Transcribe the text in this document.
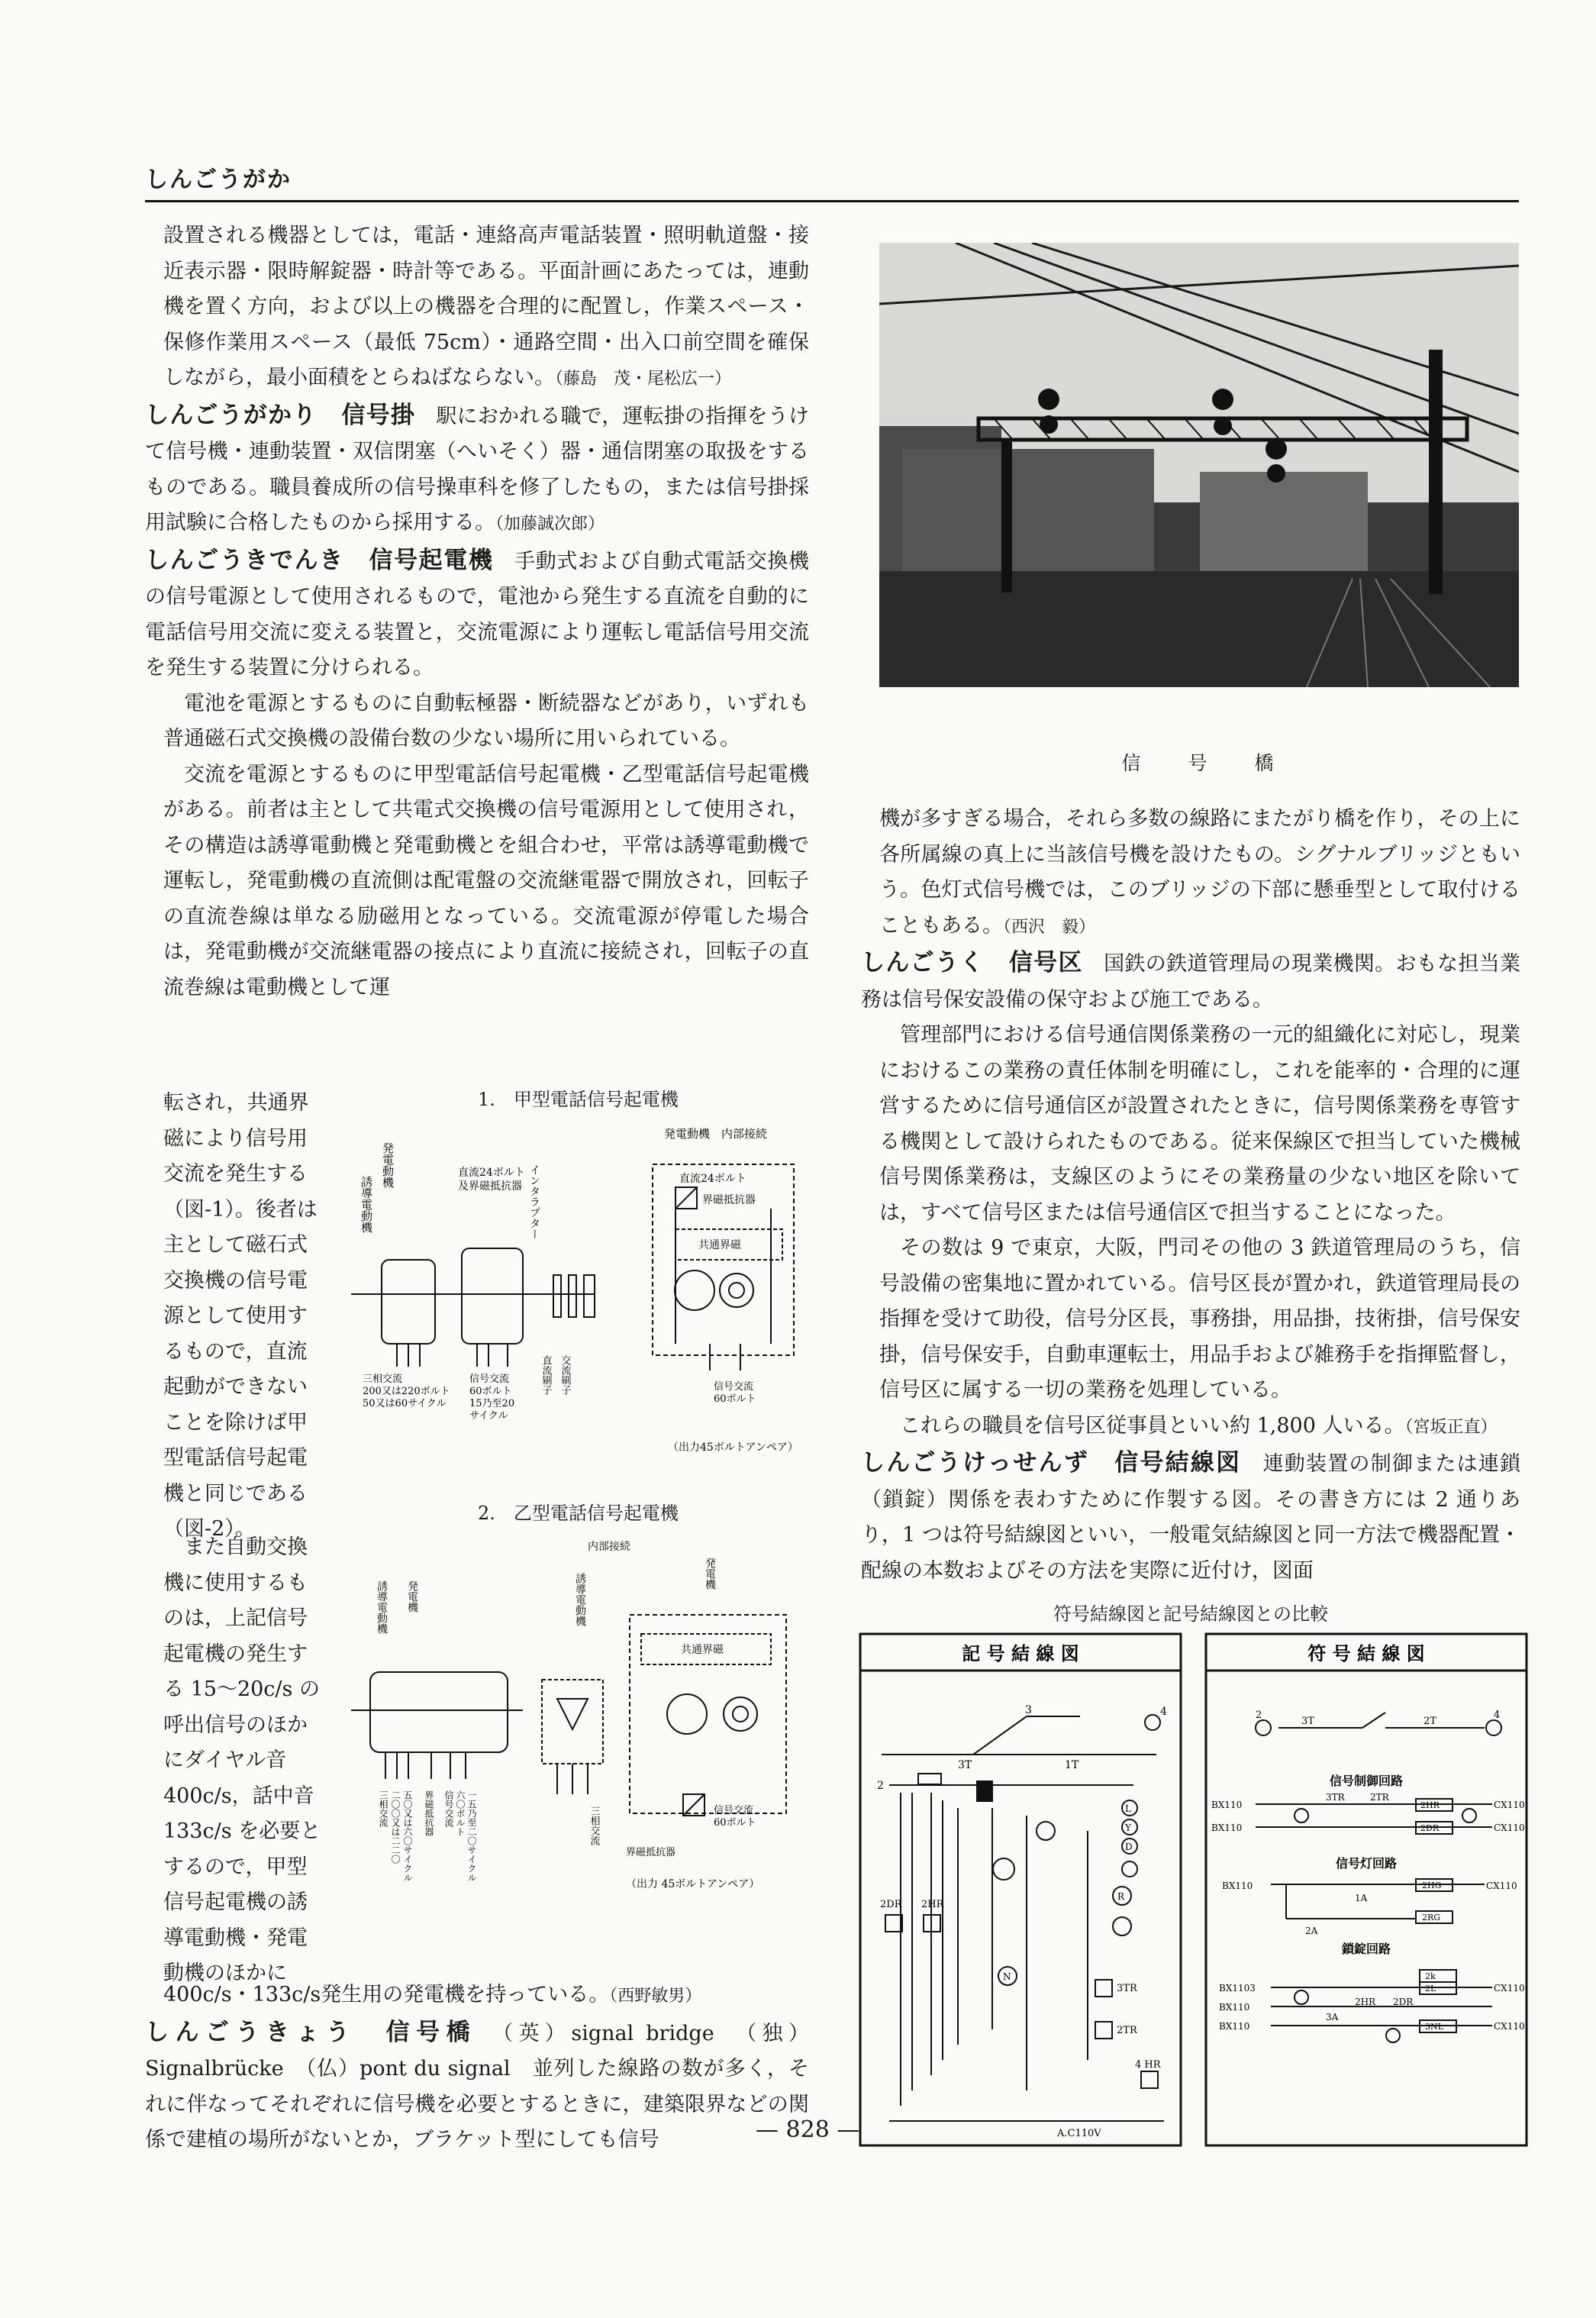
しんごうがか

設置される機器としては，電話・連絡高声電話装置・照明軌道盤・接近表示器・限時解錠器・時計等である。平面計画にあたっては，連動機を置く方向，および以上の機器を合理的に配置し，作業スペース・保修作業用スペース（最低 75cm）・通路空間・出入口前空間を確保しながら，最小面積をとらねばならない。（藤島　茂・尾松広一）

しんごうがかり　信号掛　 駅におかれる職で，運転掛の指揮をうけて信号機・連動装置・双信閉塞（へいそく）器・通信閉塞の取扱をするものである。職員養成所の信号操車科を修了したもの，または信号掛採用試験に合格したものから採用する。（加藤誠次郎）

しんごうきでんき　信号起電機　 手動式および自動式電話交換機の信号電源として使用されるもので，電池から発生する直流を自動的に電話信号用交流に変える装置と，交流電源により運転し電話信号用交流を発生する装置に分けられる。

電池を電源とするものに自動転極器・断続器などがあり，いずれも普通磁石式交換機の設備台数の少ない場所に用いられている。

交流を電源とするものに甲型電話信号起電機・乙型電話信号起電機がある。前者は主として共電式交換機の信号電源用として使用され，その構造は誘導電動機と発電動機とを組合わせ，平常は誘導電動機で運転し，発電動機の直流側は配電盤の交流継電器で開放され，回転子の直流巻線は単なる励磁用となっている。交流電源が停電した場合は，発電動機が交流継電器の接点により直流に接続され，回転子の直流巻線は電動機として運

転され，共通界
磁により信号用
交流を発生する
（図-1）。後者は
主として磁石式
交換機の信号電
源として使用す
るもので，直流
起動ができない
ことを除けば甲
型電話信号起電
機と同じである
（図-2）。
また自動交換
機に使用するも
のは，上記信号
起電機の発生す
る 15～20c/s の
呼出信号のほか
にダイヤル音
400c/s，話中音
133c/s を必要と
するので，甲型
信号起電機の誘
導電動機・発電
動機のほかに

400c/s・133c/s発生用の発電機を持っている。（西野敏男）

しんごうきょう　信号橋　 （英）signal bridge　（独）Signalbrücke　（仏）pont du signal　並列した線路の数が多く，それに伴なってそれぞれに信号機を必要とするときに，建築限界などの関係で建植の場所がないとか，ブラケット型にしても信号

1.　甲型電話信号起電機
発電動機
誘導電動機
発電動機　内部接続
直流24ボルト
及界磁抵抗器
直流24ボルト
界磁抵抗器
共通界磁
インタラプター
三相交流
200又は220ボルト
50又は60サイクル
信号交流
60ボルト
15乃至20
サイクル
直流刷子 交流刷子	信号交流
60ボルト
（出力45ボルトアンペア）
2.　乙型電話信号起電機
内部接続
誘導電動機 発電機	誘導電動機	発電機
共通界磁
三相交流 二〇〇又は二二〇 五〇又は六〇サイクル 界磁抵抗器 信号交流 六〇ボルト 一五乃至二〇サイクル	三相交流
界磁抵抗器
信号交流
60ボルト
（出力 45ボルトアンペア）
信　　号　　橋

機が多すぎる場合，それら多数の線路にまたがり橋を作り，その上に各所属線の真上に当該信号機を設けたもの。シグナルブリッジともいう。色灯式信号機では，このブリッジの下部に懸垂型として取付けることもある。（西沢　毅）

しんごうく　信号区　 国鉄の鉄道管理局の現業機関。おもな担当業務は信号保安設備の保守および施工である。

管理部門における信号通信関係業務の一元的組織化に対応し，現業におけるこの業務の責任体制を明確にし，これを能率的・合理的に運営するために信号通信区が設置されたときに，信号関係業務を専管する機関として設けられたものである。従来保線区で担当していた機械信号関係業務は，支線区のようにその業務量の少ない地区を除いては，すべて信号区または信号通信区で担当することになった。

その数は 9 で東京，大阪，門司その他の 3 鉄道管理局のうち，信号設備の密集地に置かれている。信号区長が置かれ，鉄道管理局長の指揮を受けて助役，信号分区長，事務掛，用品掛，技術掛，信号保安掛，信号保安手，自動車運転士，用品手および雑務手を指揮監督し，信号区に属する一切の業務を処理している。

これらの職員を信号区従事員といい約 1,800 人いる。（宮坂正直）

しんごうけっせんず　信号結線図　 連動装置の制御または連鎖（鎖錠）関係を表わすために作製する図。その書き方には 2 通りあり，1 つは符号結線図といい，一般電気結線図と同一方法で機器配置・配線の本数およびその方法を実際に近付け，図面

符号結線図と記号結線図との比較
記 号 結 線 図	符 号 結 線 図
3	4
2
3T	1T
2DR 2HR
3TR
2TR
4 HR
A.C110V
L
Y
D
R
N
2	4
3T	2T
信号制御回路
BX110	CX110
BX110	CX110
3TR	2TR
2HR
2DR
信号灯回路
BX110	CX110
2HG
2RG
1A
2A
鎖錠回路
BX1103
BX110
BX110
CX110
CX110
2k
2L
3NL
3A
2HR 2DR
— 828 —
